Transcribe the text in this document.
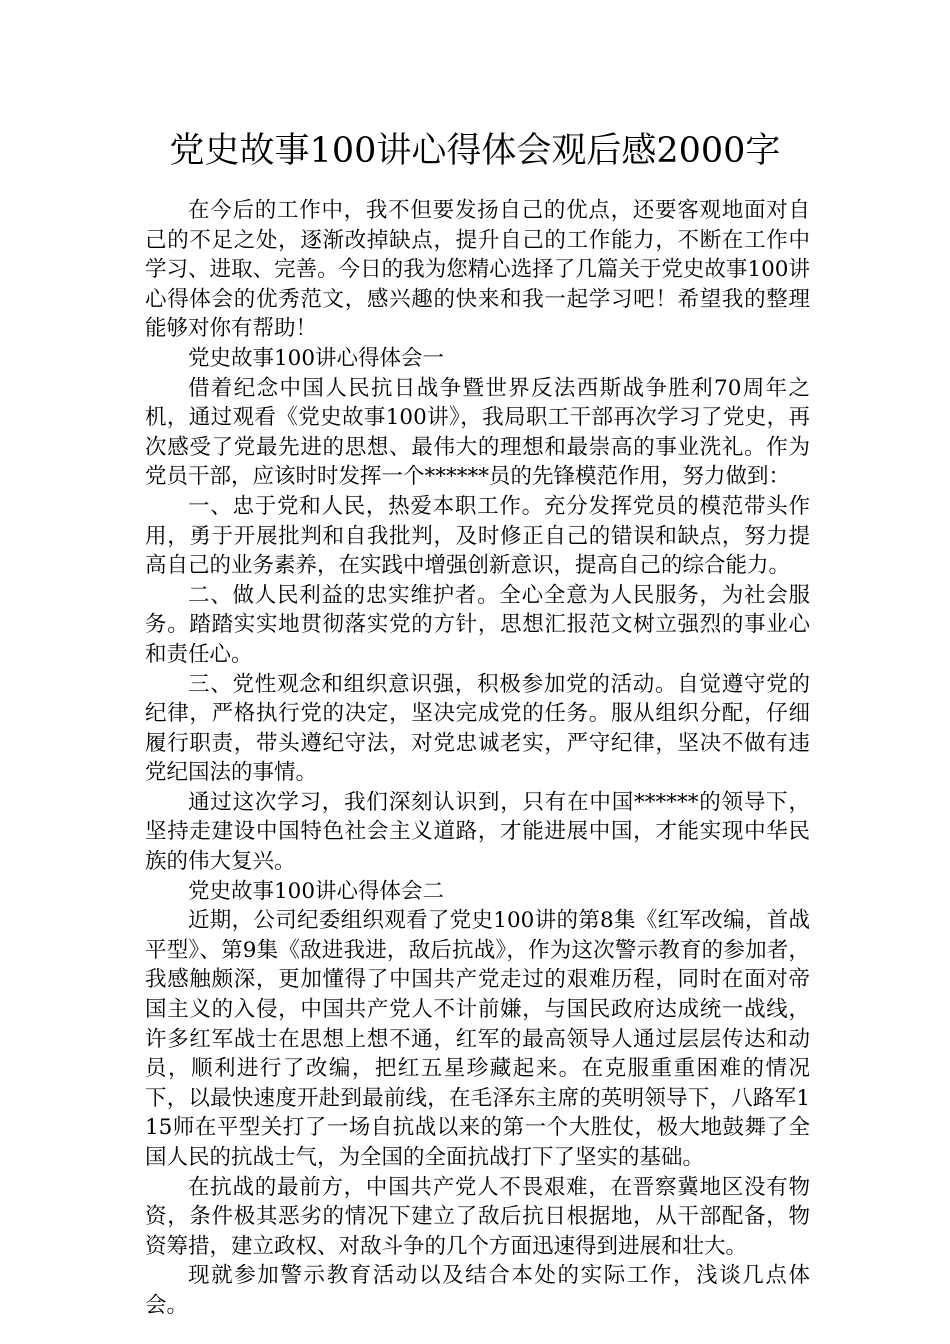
党史故事100讲心得体会观后感2000字

在今后的工作中，我不但要发扬自己的优点，还要客观地面对自己的不足之处，逐渐改掉缺点，提升自己的工作能力，不断在工作中学习、进取、完善。今日的我为您精心选择了几篇关于党史故事100讲心得体会的优秀范文，感兴趣的快来和我一起学习吧！希望我的整理能够对你有帮助！

党史故事100讲心得体会一

借着纪念中国人民抗日战争暨世界反法西斯战争胜利70周年之机，通过观看《党史故事100讲》，我局职工干部再次学习了党史，再次感受了党最先进的思想、最伟大的理想和最崇高的事业洗礼。作为党员干部，应该时时发挥一个******员的先锋模范作用，努力做到：

一、忠于党和人民，热爱本职工作。充分发挥党员的模范带头作用，勇于开展批判和自我批判，及时修正自己的错误和缺点，努力提高自己的业务素养，在实践中增强创新意识，提高自己的综合能力。

二、做人民利益的忠实维护者。全心全意为人民服务，为社会服务。踏踏实实地贯彻落实党的方针，思想汇报范文树立强烈的事业心和责任心。

三、党性观念和组织意识强，积极参加党的活动。自觉遵守党的纪律，严格执行党的决定，坚决完成党的任务。服从组织分配，仔细履行职责，带头遵纪守法，对党忠诚老实，严守纪律，坚决不做有违党纪国法的事情。

通过这次学习，我们深刻认识到，只有在中国******的领导下，坚持走建设中国特色社会主义道路，才能进展中国，才能实现中华民族的伟大复兴。

党史故事100讲心得体会二

近期，公司纪委组织观看了党史100讲的第8集《红军改编，首战平型》、第9集《敌进我进，敌后抗战》，作为这次警示教育的参加者，我感触颇深，更加懂得了中国共产党走过的艰难历程，同时在面对帝国主义的入侵，中国共产党人不计前嫌，与国民政府达成统一战线，许多红军战士在思想上想不通，红军的最高领导人通过层层传达和动员，顺利进行了改编，把红五星珍藏起来。在克服重重困难的情况下，以最快速度开赴到最前线，在毛泽东主席的英明领导下，八路军115师在平型关打了一场自抗战以来的第一个大胜仗，极大地鼓舞了全国人民的抗战士气，为全国的全面抗战打下了坚实的基础。

在抗战的最前方，中国共产党人不畏艰难，在晋察冀地区没有物资，条件极其恶劣的情况下建立了敌后抗日根据地，从干部配备，物资筹措，建立政权、对敌斗争的几个方面迅速得到进展和壮大。

现就参加警示教育活动以及结合本处的实际工作，浅谈几点体会。
